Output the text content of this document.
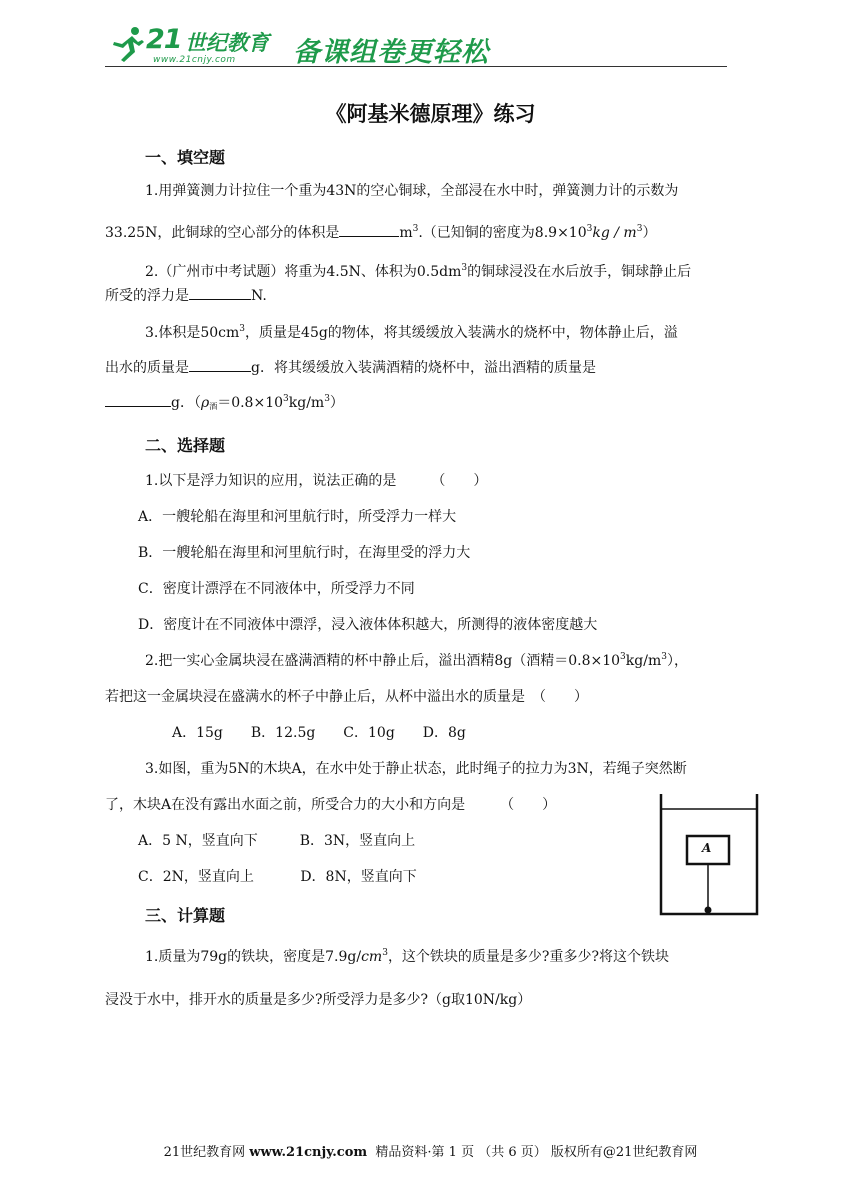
21 世纪教育
www.21cnjy.com 备课组卷更轻松
《阿基米德原理》练习
一、填空题
1.用弹簧测力计拉住一个重为43N的空心铜球，全部浸在水中时，弹簧测力计的示数为
33.25N，此铜球的空心部分的体积是	$m^3$.（已知铜的密度为$8.9\times 10^3kg / m^3$）
2.（广州市中考试题）将重为4.5N、体积为$0.5dm^3$的铜球浸没在水后放手，铜球静止后
所受的浮力是	N.
3.体积是$50cm^3$，质量是45g的物体，将其缓缓放入装满水的烧杯中，物体静止后，溢
出水的质量是	g．将其缓缓放入装满酒精的烧杯中，溢出酒精的质量是
g．$(\rho_酒=0.8\times 10^3kg/m^3)$
二、选择题
1.以下是浮力知识的应用，说法正确的是　　　（　　）
A．一艘轮船在海里和河里航行时，所受浮力一样大
B．一艘轮船在海里和河里航行时，在海里受的浮力大
C．密度计漂浮在不同液体中，所受浮力不同
D．密度计在不同液体中漂浮，浸入液体体积越大，所测得的液体密度越大
2.把一实心金属块浸在盛满酒精的杯中静止后，溢出酒精8g（酒精$=0.8\times 10^3kg/m^3$），
若把这一金属块浸在盛满水的杯子中静止后，从杯中溢出水的质量是　（　　）
A．15g　　B．12.5g　　C．10g　　D．8g
3.如图，重为5N的木块A，在水中处于静止状态，此时绳子的拉力为3N，若绳子突然断
了，木块A在没有露出水面之前，所受合力的大小和方向是　　　（　　）
A．5 N，竖直向下　　　B．3N，竖直向上
C．2N，竖直向上　　　 D．8N，竖直向下
A
三、计算题
1.质量为79g的铁块，密度是$7.9g/cm^3$，这个铁块的质量是多少?重多少?将这个铁块
浸没于水中，排开水的质量是多少?所受浮力是多少?（g取10N/kg）
21世纪教育网 www.21cnjy.com 精品资料·第 1 页 （共 6 页） 版权所有@21世纪教育网
